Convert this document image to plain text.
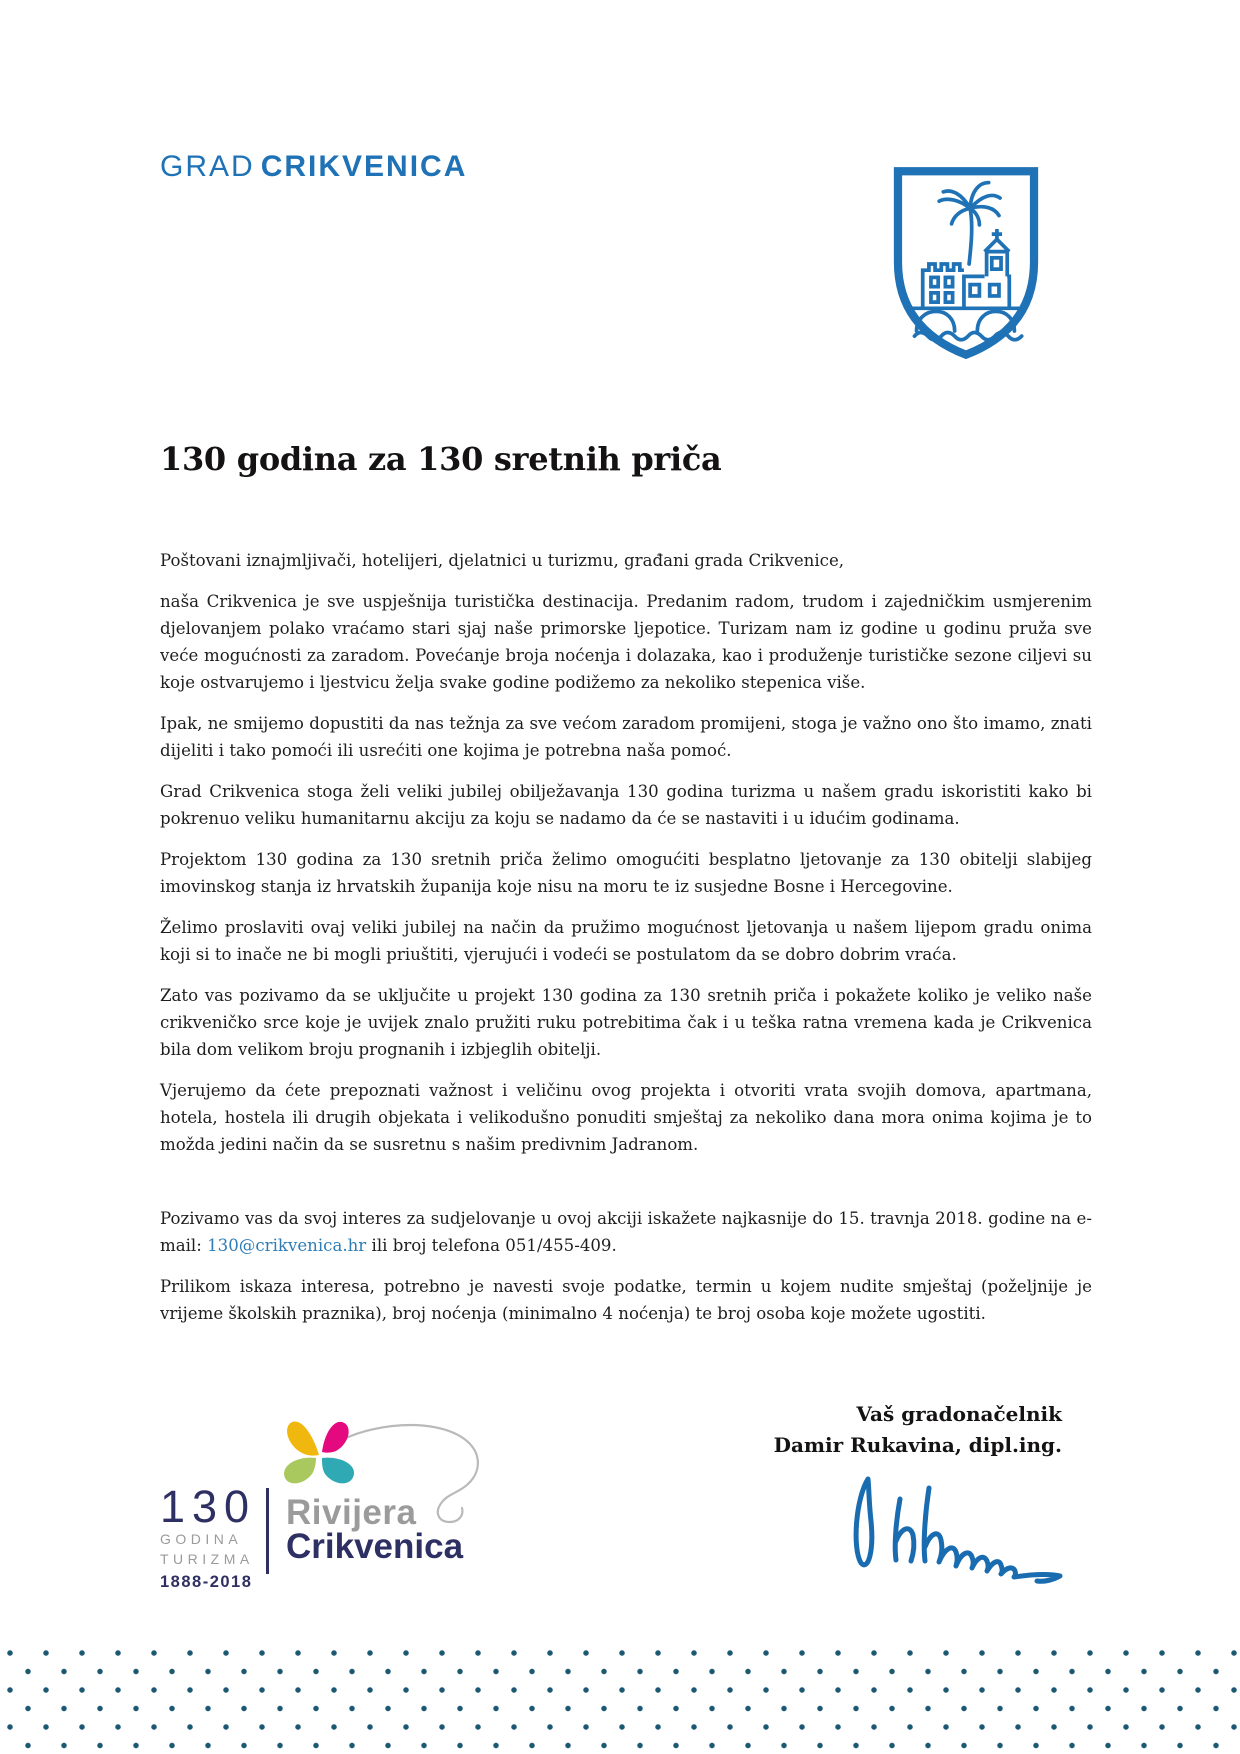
GRAD CRIKVENICA
130 godina za 130 sretnih priča

Poštovani iznajmljivači, hotelijeri, djelatnici u turizmu, građani grada Crikvenice,

naša Crikvenica je sve uspješnija turistička destinacija. Predanim radom, trudom i zajedničkim usmjerenim djelovanjem polako vraćamo stari sjaj naše primorske ljepotice. Turizam nam iz godine u godinu pruža sve veće mogućnosti za zaradom. Povećanje broja noćenja i dolazaka, kao i produženje turističke sezone ciljevi su koje ostvarujemo i ljestvicu želja svake godine podižemo za nekoliko stepenica više.

Ipak, ne smijemo dopustiti da nas težnja za sve većom zaradom promijeni, stoga je važno ono što imamo, znati dijeliti i tako pomoći ili usrećiti one kojima je potrebna naša pomoć.

Grad Crikvenica stoga želi veliki jubilej obilježavanja 130 godina turizma u našem gradu iskoristiti kako bi pokrenuo veliku humanitarnu akciju za koju se nadamo da će se nastaviti i u idućim godinama.

Projektom 130 godina za 130 sretnih priča želimo omogućiti besplatno ljetovanje za 130 obitelji slabijeg imovinskog stanja iz hrvatskih županija koje nisu na moru te iz susjedne Bosne i Hercegovine.

Želimo proslaviti ovaj veliki jubilej na način da pružimo mogućnost ljetovanja u našem lijepom gradu onima koji si to inače ne bi mogli priuštiti, vjerujući i vodeći se postulatom da se dobro dobrim vraća.

Zato vas pozivamo da se uključite u projekt 130 godina za 130 sretnih priča i pokažete koliko je veliko naše crikveničko srce koje je uvijek znalo pružiti ruku potrebitima čak i u teška ratna vremena kada je Crikvenica bila dom velikom broju prognanih i izbjeglih obitelji.

Vjerujemo da ćete prepoznati važnost i veličinu ovog projekta i otvoriti vrata svojih domova, apartmana, hotela, hostela ili drugih objekata i velikodušno ponuditi smještaj za nekoliko dana mora onima kojima je to možda jedini način da se susretnu s našim predivnim Jadranom.

Pozivamo vas da svoj interes za sudjelovanje u ovoj akciji iskažete najkasnije do 15. travnja 2018. godine na e-mail: 130@crikvenica.hr ili broj telefona 051/455-409.

Prilikom iskaza interesa, potrebno je navesti svoje podatke, termin u kojem nudite smještaj (poželjnije je vrijeme školskih praznika), broj noćenja (minimalno 4 noćenja) te broj osoba koje možete ugostiti.

Vaš gradonačelnik
Damir Rukavina, dipl.ing.
130
GODINA
TURIZMA
1888-2018
Rivijera
Crikvenica
